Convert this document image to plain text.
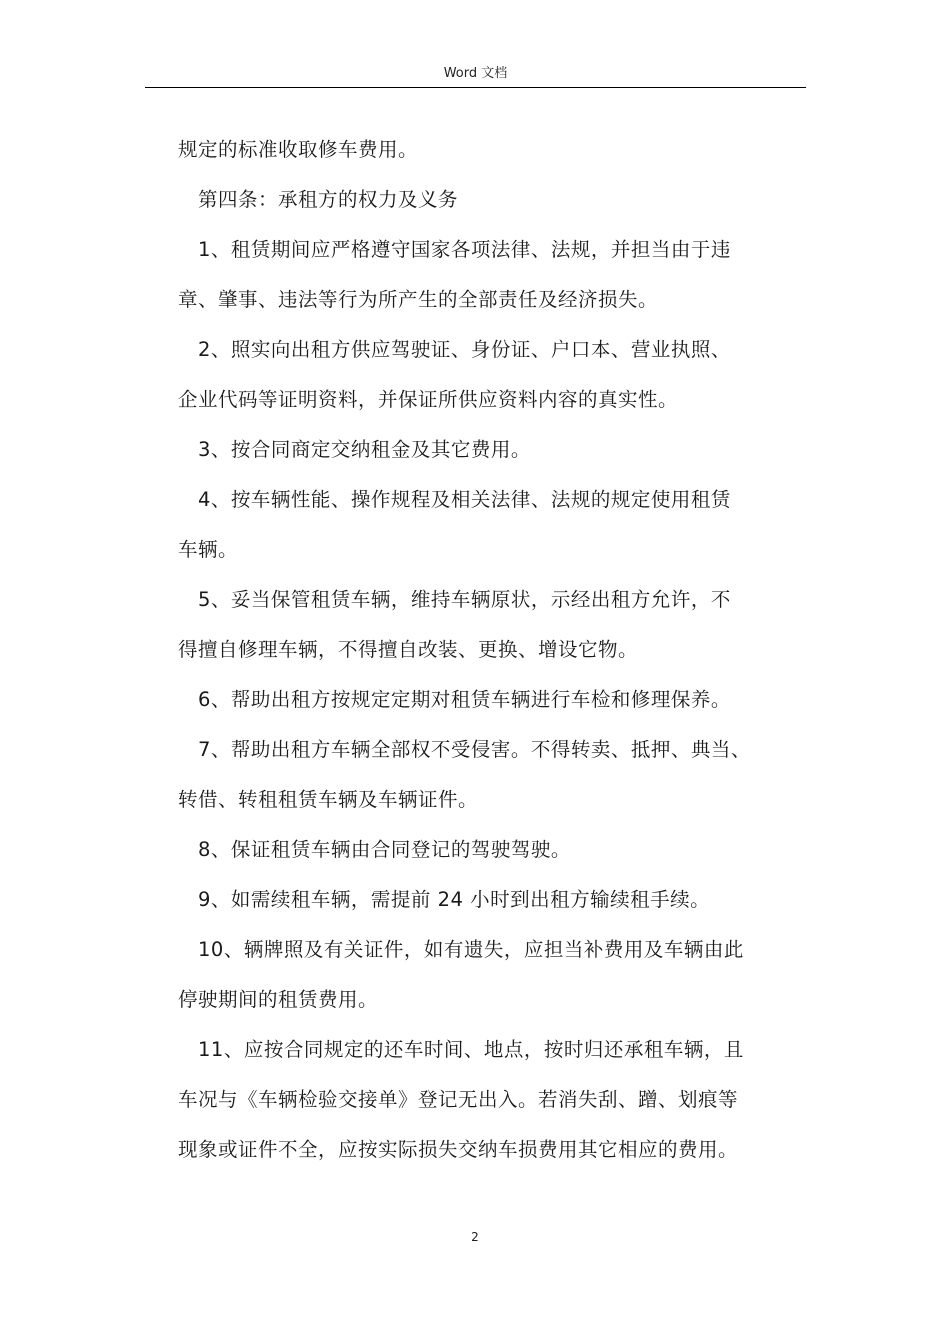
Word 文档

规定的标准收取修车费用。

第四条：承租方的权力及义务

1、租赁期间应严格遵守国家各项法律、法规，并担当由于违

章、肇事、违法等行为所产生的全部责任及经济损失。

2、照实向出租方供应驾驶证、身份证、户口本、营业执照、

企业代码等证明资料，并保证所供应资料内容的真实性。

3、按合同商定交纳租金及其它费用。

4、按车辆性能、操作规程及相关法律、法规的规定使用租赁

车辆。

5、妥当保管租赁车辆，维持车辆原状，示经出租方允许，不

得擅自修理车辆，不得擅自改装、更换、增设它物。

6、帮助出租方按规定定期对租赁车辆进行车检和修理保养。

7、帮助出租方车辆全部权不受侵害。不得转卖、抵押、典当、

转借、转租租赁车辆及车辆证件。

8、保证租赁车辆由合同登记的驾驶驾驶。

9、如需续租车辆，需提前 24 小时到出租方输续租手续。

10、辆牌照及有关证件，如有遗失，应担当补费用及车辆由此

停驶期间的租赁费用。

11、应按合同规定的还车时间、地点，按时归还承租车辆，且

车况与《车辆检验交接单》登记无出入。若消失刮、蹭、划痕等

现象或证件不全，应按实际损失交纳车损费用其它相应的费用。

2
